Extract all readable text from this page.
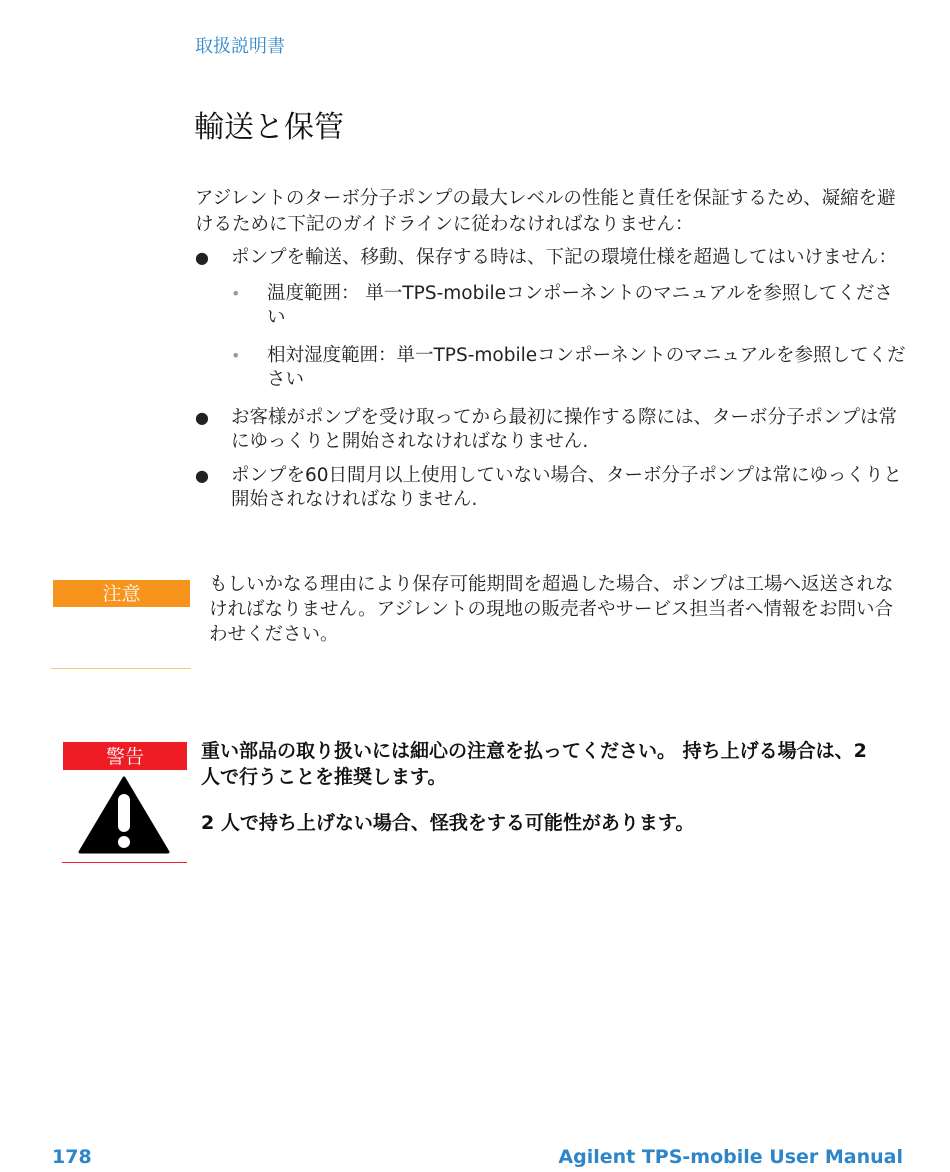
取扱説明書
輸送と保管

アジレントのターボ分子ポンプの最大レベルの性能と責任を保証するため、凝縮を避けるために下記のガイドラインに従わなければなりません：

● ポンプを輸送、移動、保存する時は、下記の環境仕様を超過してはいけません：
• 温度範囲： 単一TPS-mobileコンポーネントのマニュアルを参照してください
• 相対湿度範囲：単一TPS-mobileコンポーネントのマニュアルを参照してください
● お客様がポンプを受け取ってから最初に操作する際には、ターボ分子ポンプは常にゆっくりと開始されなければなりません.
● ポンプを60日間月以上使用していない場合、ターボ分子ポンプは常にゆっくりと開始されなければなりません.
注意	もしいかなる理由により保存可能期間を超過した場合、ポンプは工場へ返送されなければなりません。アジレントの現地の販売者やサービス担当者へ情報をお問い合わせください。

警告	重い部品の取り扱いには細心の注意を払ってください。 持ち上げる場合は、2 人で行うことを推奨します。

2 人で持ち上げない場合、怪我をする可能性があります。

178	Agilent TPS-mobile User Manual
